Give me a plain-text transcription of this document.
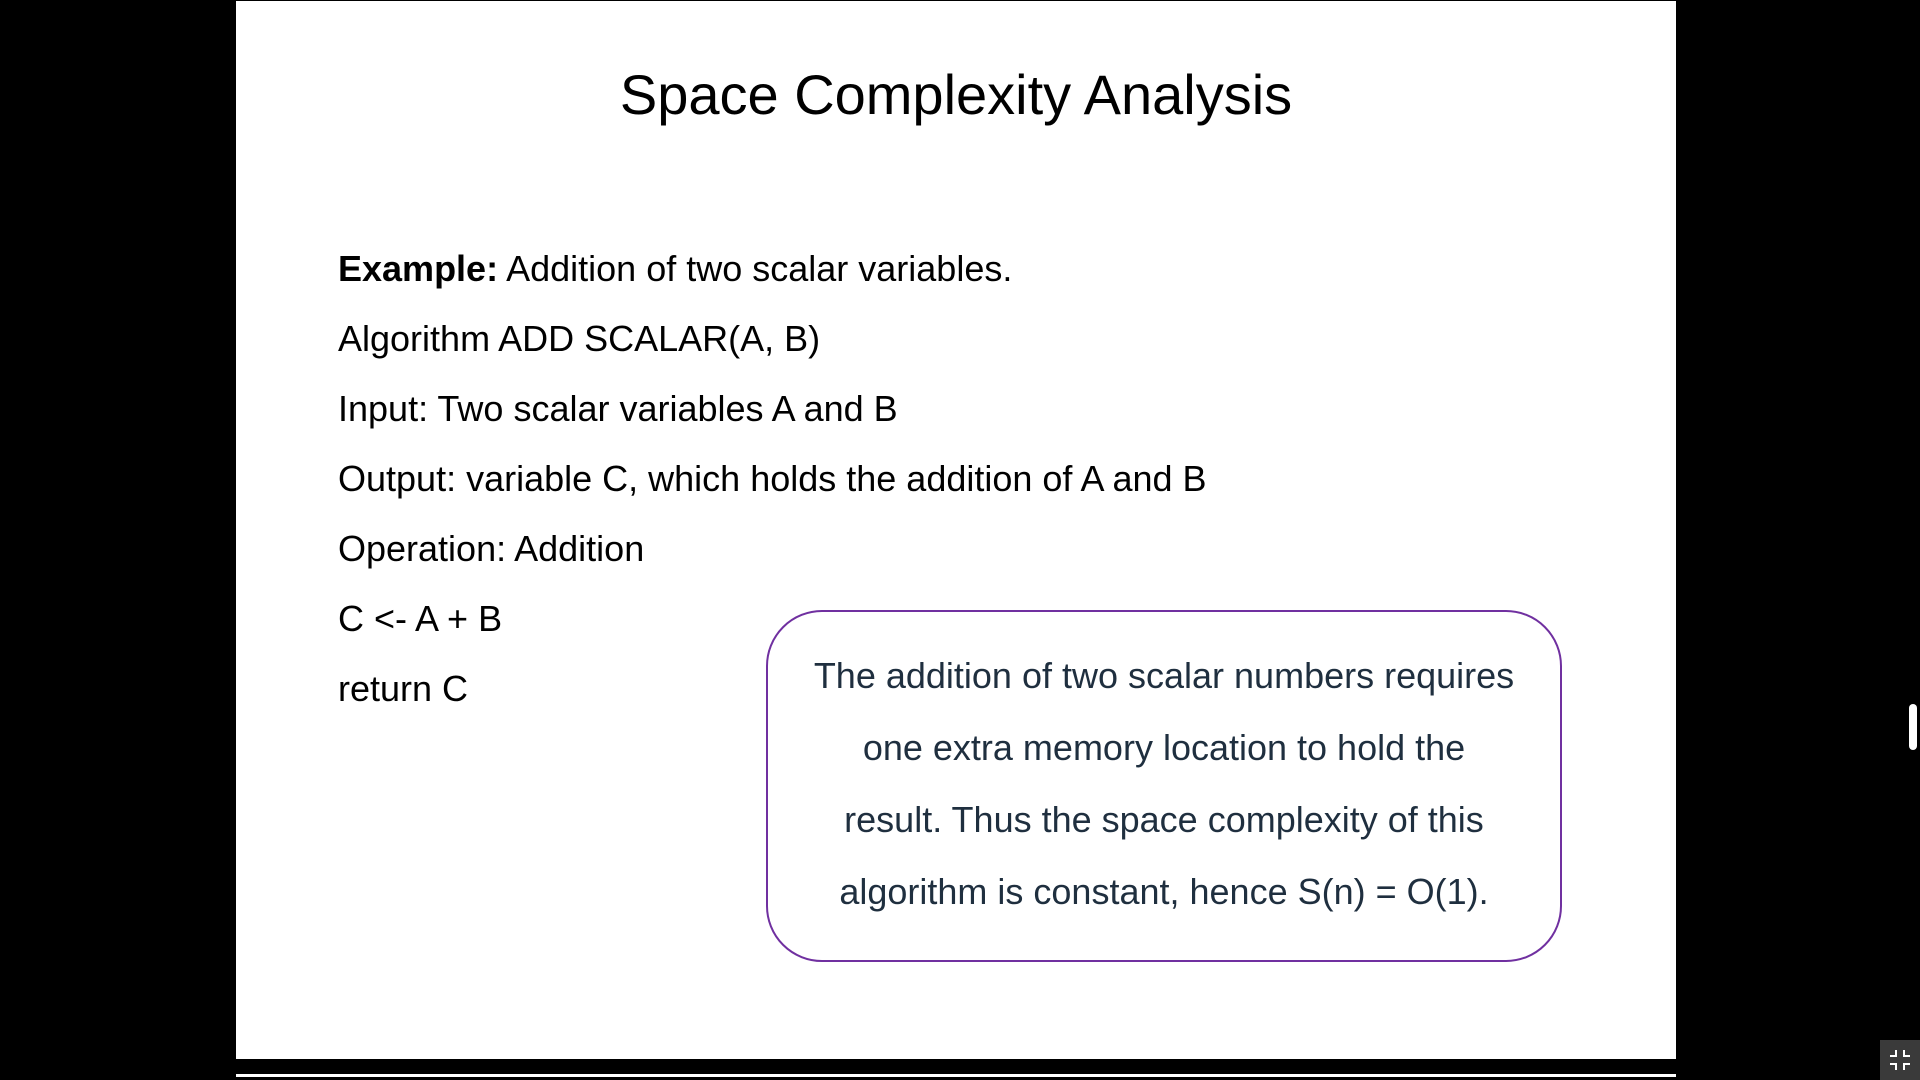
Space Complexity Analysis
Example: Addition of two scalar variables.
Algorithm ADD SCALAR(A, B)
Input: Two scalar variables A and B
Output: variable C, which holds the addition of A and B
Operation: Addition
C <- A + B
return C	The addition of two scalar numbers requires
one extra memory location to hold the
result. Thus the space complexity of this
algorithm is constant, hence S(n) = O(1).
